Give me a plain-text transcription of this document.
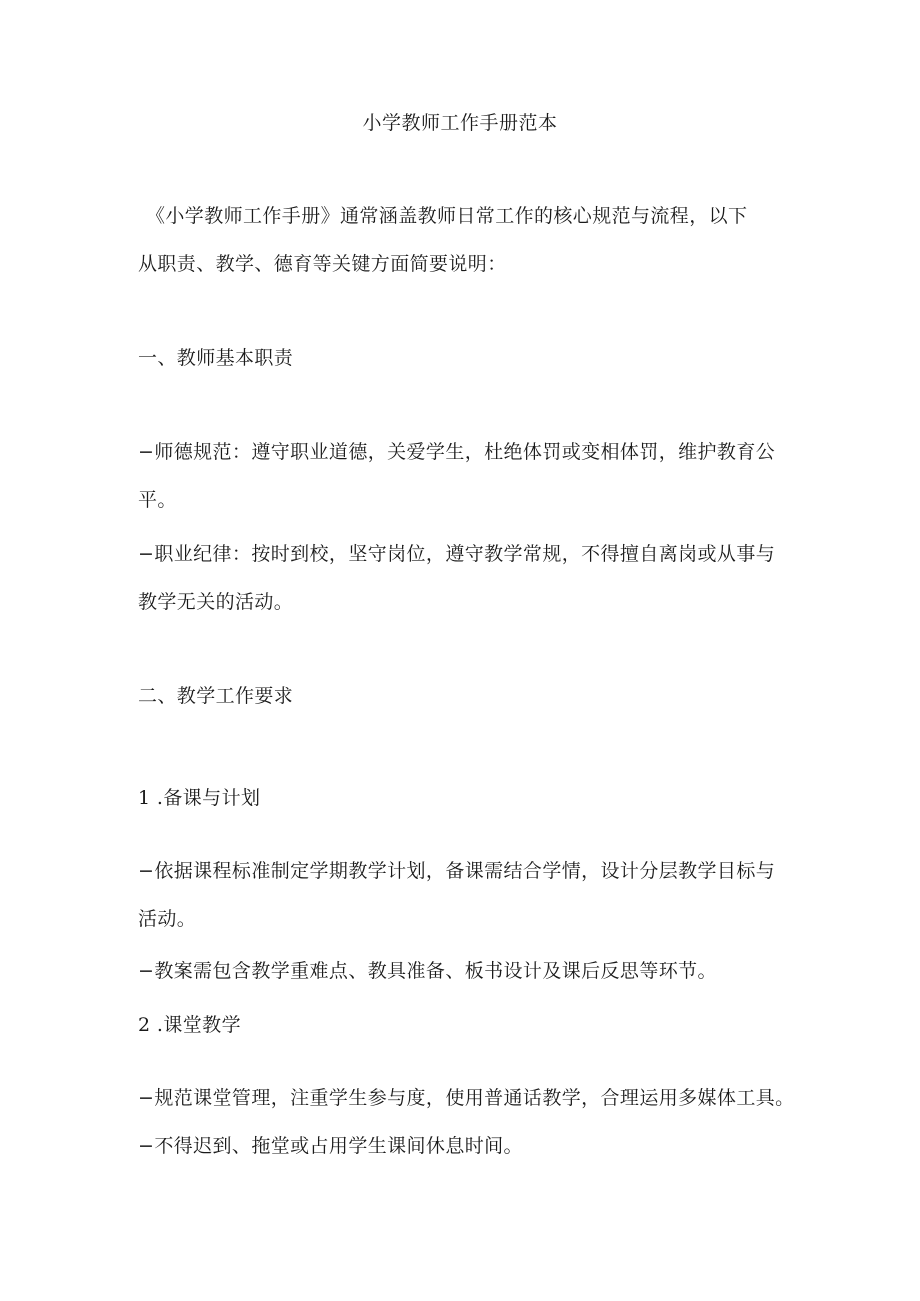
小学教师工作手册范本
《小学教师工作手册》通常涵盖教师日常工作的核心规范与流程，以下
从职责、教学、德育等关键方面简要说明：
一、教师基本职责
−师德规范：遵守职业道德，关爱学生，杜绝体罚或变相体罚，维护教育公
平。
−职业纪律：按时到校，坚守岗位，遵守教学常规，不得擅自离岗或从事与
教学无关的活动。
二、教学工作要求
1 .备课与计划
−依据课程标准制定学期教学计划，备课需结合学情，设计分层教学目标与
活动。
−教案需包含教学重难点、教具准备、板书设计及课后反思等环节。
2 .课堂教学
−规范课堂管理，注重学生参与度，使用普通话教学，合理运用多媒体工具。
−不得迟到、拖堂或占用学生课间休息时间。
